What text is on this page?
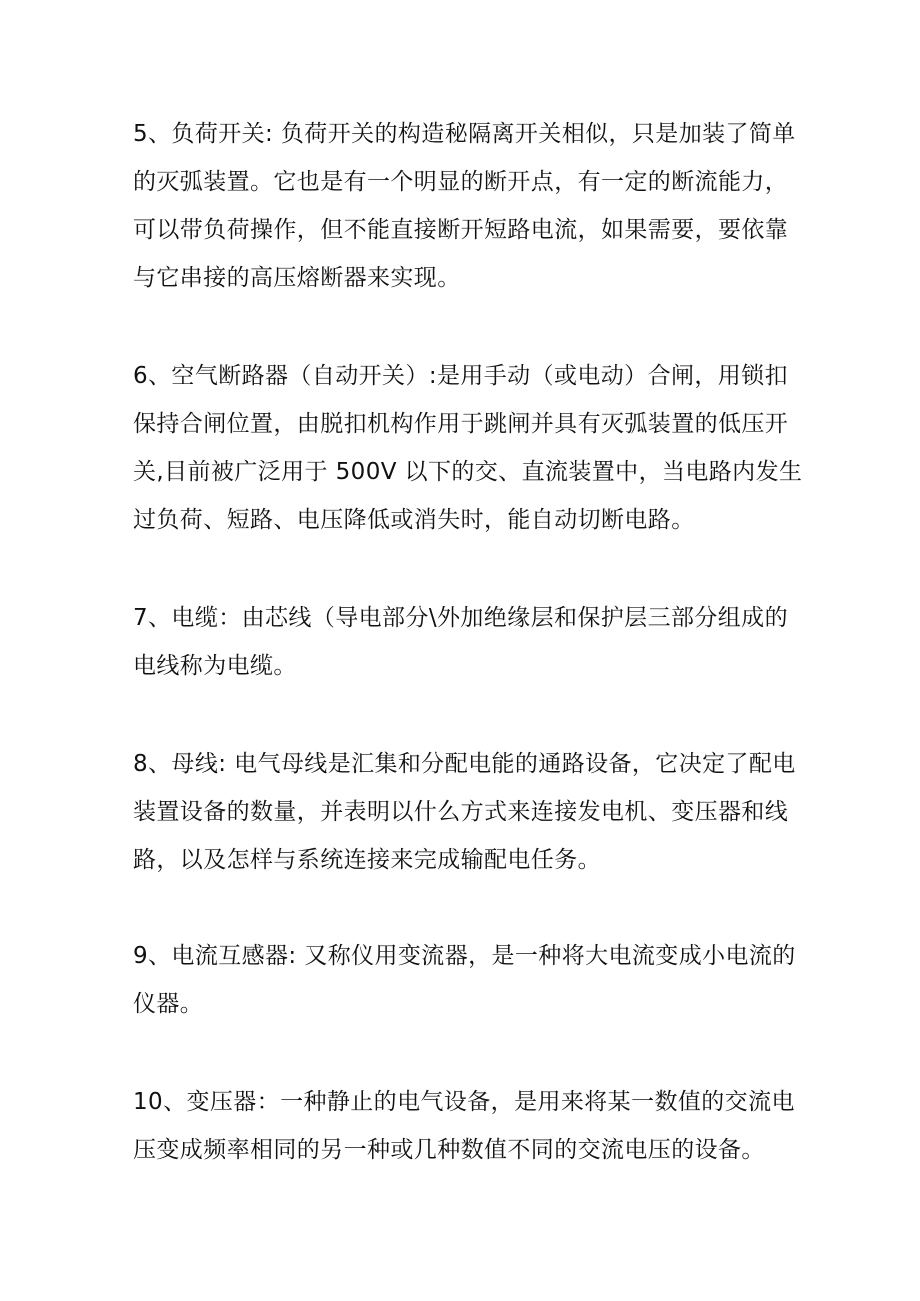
5、负荷开关: 负荷开关的构造秘隔离开关相似，只是加装了简单
的灭弧装置。它也是有一个明显的断开点，有一定的断流能力，
可以带负荷操作，但不能直接断开短路电流，如果需要，要依靠
与它串接的高压熔断器来实现。
6、空气断路器（自动开关）:是用手动（或电动）合闸，用锁扣
保持合闸位置，由脱扣机构作用于跳闸并具有灭弧装置的低压开
关,目前被广泛用于 500V 以下的交、直流装置中，当电路内发生
过负荷、短路、电压降低或消失时，能自动切断电路。
7、电缆：由芯线（导电部分\外加绝缘层和保护层三部分组成的
电线称为电缆。
8、母线: 电气母线是汇集和分配电能的通路设备，它决定了配电
装置设备的数量，并表明以什么方式来连接发电机、变压器和线
路，以及怎样与系统连接来完成输配电任务。
9、电流互感器: 又称仪用变流器，是一种将大电流变成小电流的
仪器。
10、变压器：一种静止的电气设备，是用来将某一数值的交流电
压变成频率相同的另一种或几种数值不同的交流电压的设备。
